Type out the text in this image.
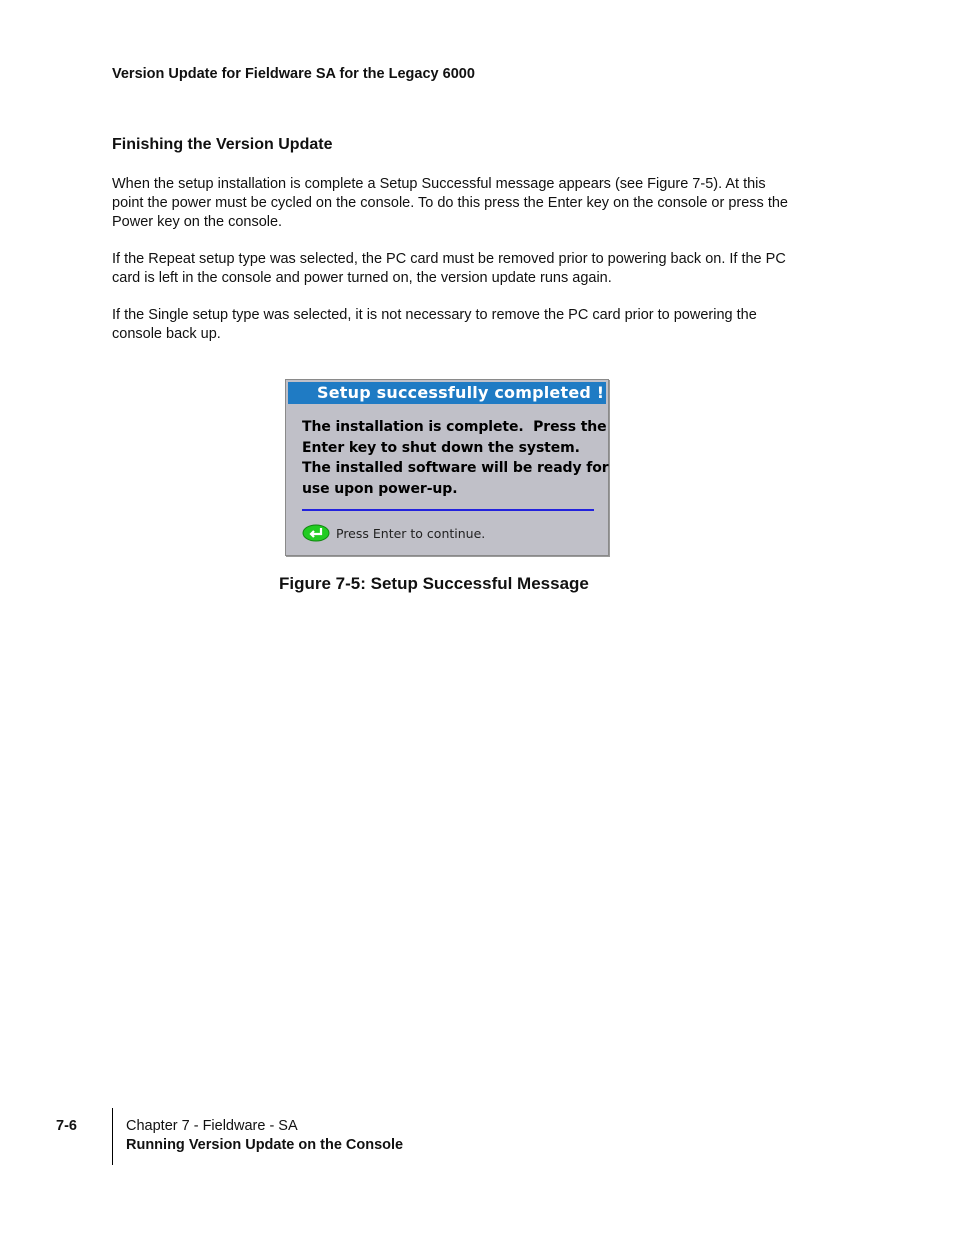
Version Update for Fieldware SA for the Legacy 6000
Finishing the Version Update

When the setup installation is complete a Setup Successful message appears (see Figure 7-5). At this point the power must be cycled on the console. To do this press the Enter key on the console or press the Power key on the console.

If the Repeat setup type was selected, the PC card must be removed prior to powering back on. If the PC card is left in the console and power turned on, the version update runs again.

If the Single setup type was selected, it is not necessary to remove the PC card prior to powering the console back up.

Setup successfully completed !
The installation is complete.  Press the
Enter key to shut down the system.
The installed software will be ready for
use upon power-up.
Press Enter to continue.
Figure 7-5: Setup Successful Message
7-6	Chapter 7 - Fieldware - SA
Running Version Update on the Console
